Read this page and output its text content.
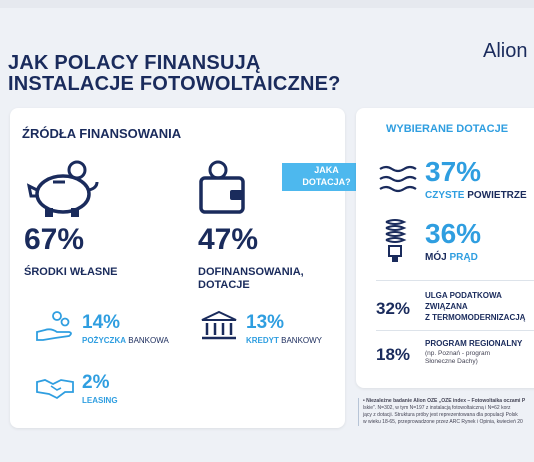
Alion
JAK POLACY FINANSUJĄ
INSTALACJE FOTOWOLTAICZNE?
ŹRÓDŁA FINANSOWANIA
67%
ŚRODKI WŁASNE
47%
DOFINANSOWANIA,
DOTACJE
14%
POŻYCZKA BANKOWA
13%
KREDYT BANKOWY
2%
LEASING
JAKA
DOTACJA?
WYBIERANE DOTACJE
37%
CZYSTE POWIETRZE
36%
MÓJ PRĄD
32%
ULGA PODATKOWA
ZWIĄZANA
Z TERMOMODERNIZACJĄ
18%
PROGRAM REGIONALNY
(np. Poznań - program
Słoneczne Dachy)
• Niezależne badanie Alion OZE „OZE index – Fotowoltaika oczami P
lskie". N=302, w tym N=197 z instalacją fotowoltaiczną i N=62 korz
jący z dotacji. Struktura próby jest reprezentowana dla populacji Polsk
w wieku 18-65, przeprowadzone przez ARC Rynek i Opinia, kwiecień 20
